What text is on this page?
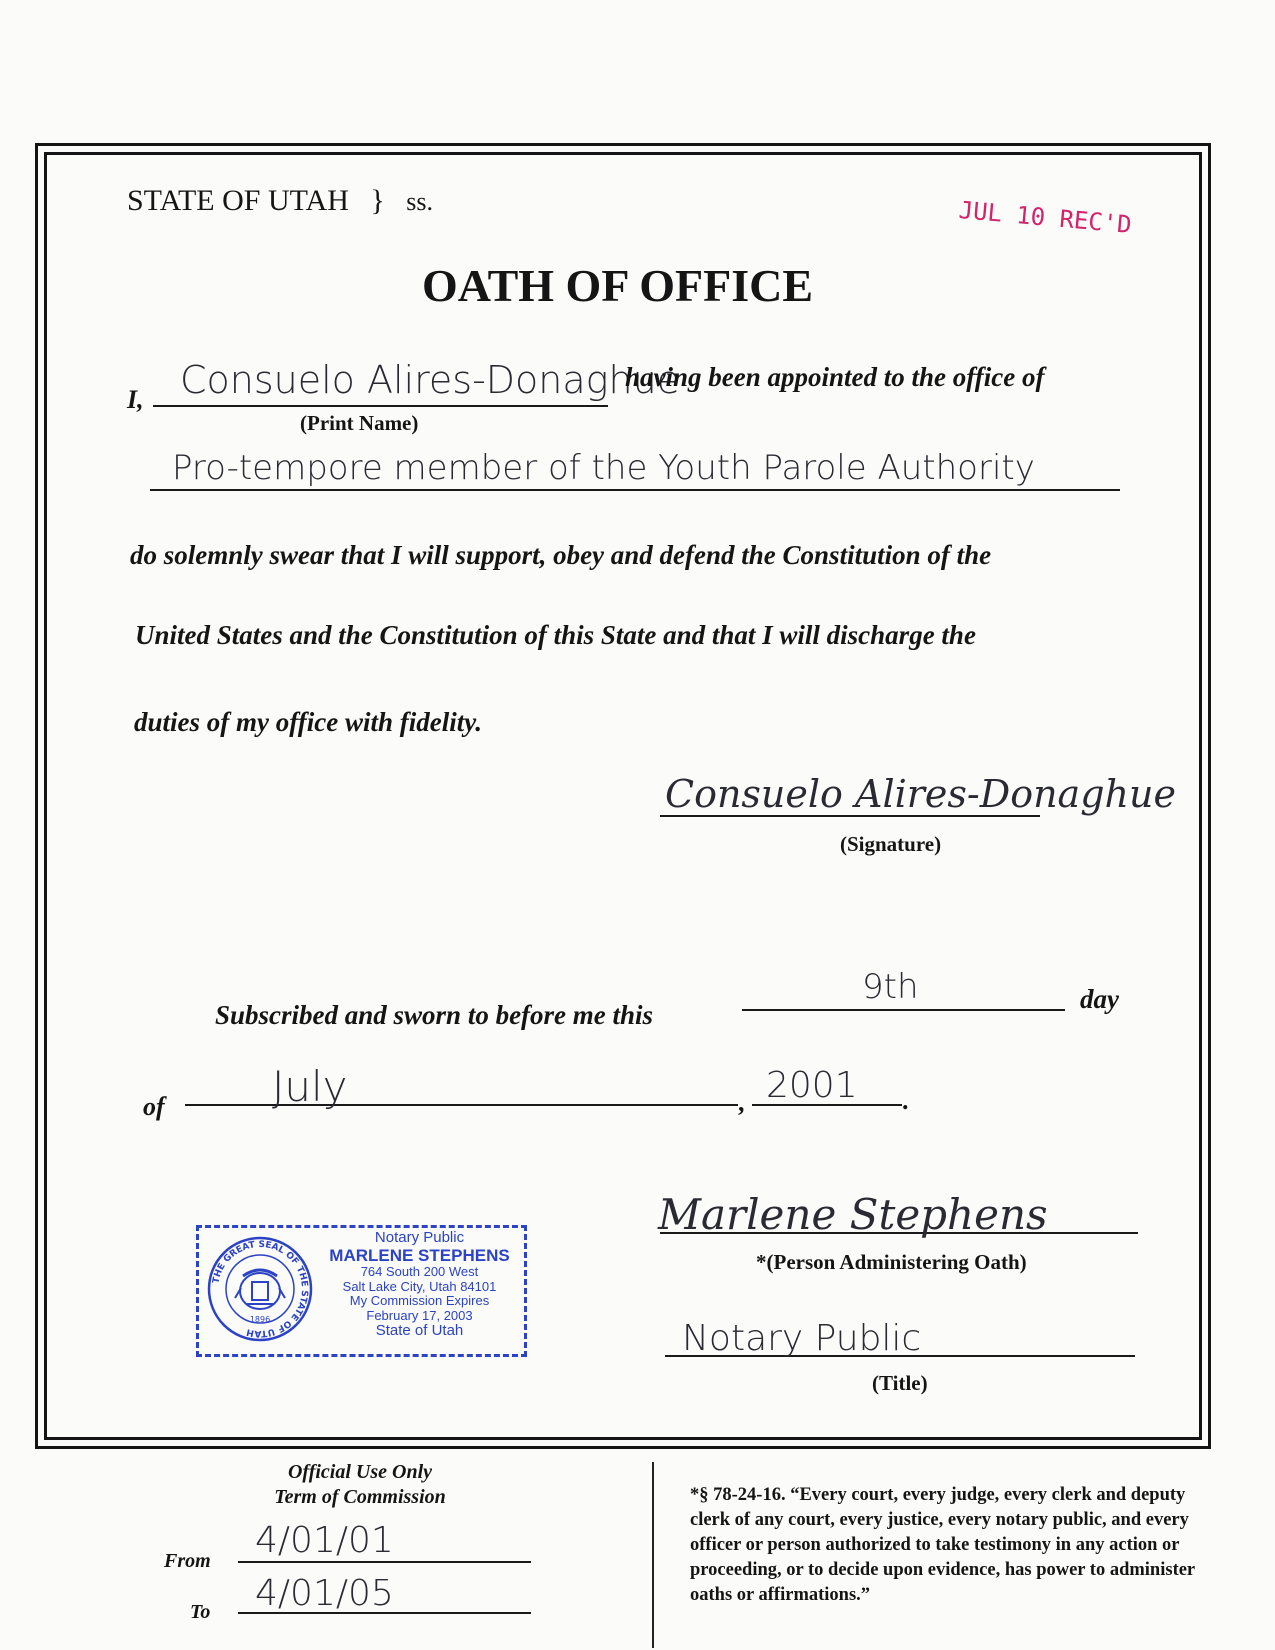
STATE OF UTAH } ss.	JUL 10 REC'D
OATH OF OFFICE
I, Consuelo Alires-Donaghue
(Print Name)
having been appointed to the office of
Pro-tempore member of the Youth Parole Authority
do solemnly swear that I will support, obey and defend the Constitution of the
United States and the Constitution of this State and that I will discharge the
duties of my office with fidelity.
Consuelo Alires-Donaghue
(Signature)
Subscribed and sworn to before me this
9th	day
of	July	, 2001 .
THE GREAT SEAL OF THE STATE OF UTAH
1896
Notary Public
MARLENE STEPHENS
764 South 200 West
Salt Lake City, Utah 84101
My Commission Expires
February 17, 2003
State of Utah
Marlene Stephens
*(Person Administering Oath)
Notary Public
(Title)
Official Use Only
Term of Commission
From 4/01/01
To 4/01/05
*§ 78-24-16. “Every court, every judge, every clerk and deputy clerk of any court, every justice, every notary public, and every officer or person authorized to take testimony in any action or proceeding, or to decide upon evidence, has power to administer oaths or affirmations.”
